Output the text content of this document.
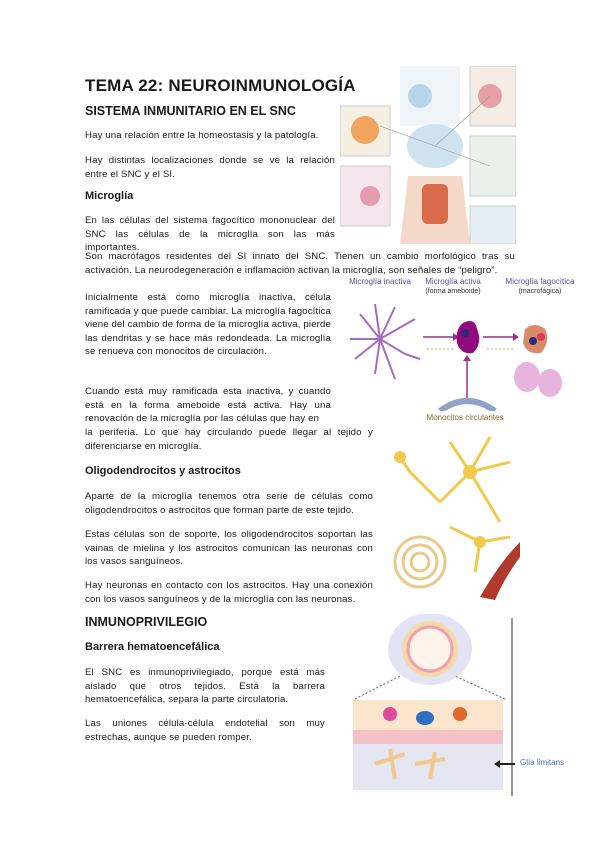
TEMA 22: NEUROINMUNOLOGÍA
SISTEMA INMUNITARIO EN EL SNC
Hay una relación entre la homeostasis y la patología.
Hay distintas localizaciones donde se ve la relación entre el SNC y el SI.
Microglía
En las células del sistema fagocítico mononuclear del SNC las células de la microglía son las más importantes.
Son macrófagos residentes del SI innato del SNC. Tienen un cambio morfológico tras su activación. La neurodegeneración e inflamación activan la microglía, son señales de “peligro”.
Inicialmente está como microglía inactiva, célula ramificada y que puede cambiar. La microglía fagocítica viene del cambio de forma de la microglía activa, pierde las dendritas y se hace más redondeada. La microglía se renueva con monocitos de circulación.
Cuando está muy ramificada esta inactiva, y cuando está en la forma ameboide está activa. Hay una renovación de la microglía por las células que hay en
la periferia. Lo que hay circulando puede llegar al tejido y diferenciarse en microglía.
Oligodendrocitos y astrocitos
Aparte de la microglía tenemos otra serie de células como oligodendrocitos o astrocitos que forman parte de este tejido.
Estas células son de soporte, los oligodendrocitos soportan las vainas de mielina y los astrocitos comunican las neuronas con los vasos sanguíneos.
Hay neuronas en contacto con los astrocitos. Hay una conexión con los vasos sanguíneos y de la microglía con las neuronas.
INMUNOPRIVILEGIO
Barrera hematoencefálica
El SNC es inmunoprivilegiado, porque está más aislado que otros tejidos. Está la barrera hematoencefálica, separa la parte circulatoria.
Las uniones célula-célula endotelial son muy estrechas, aunque se pueden romper.
Microglía inactiva	Microglía activa
(forma ameboide)
Microglía fagocítica
(macrofágica)
Monocitos circulantes
Glía limitans
